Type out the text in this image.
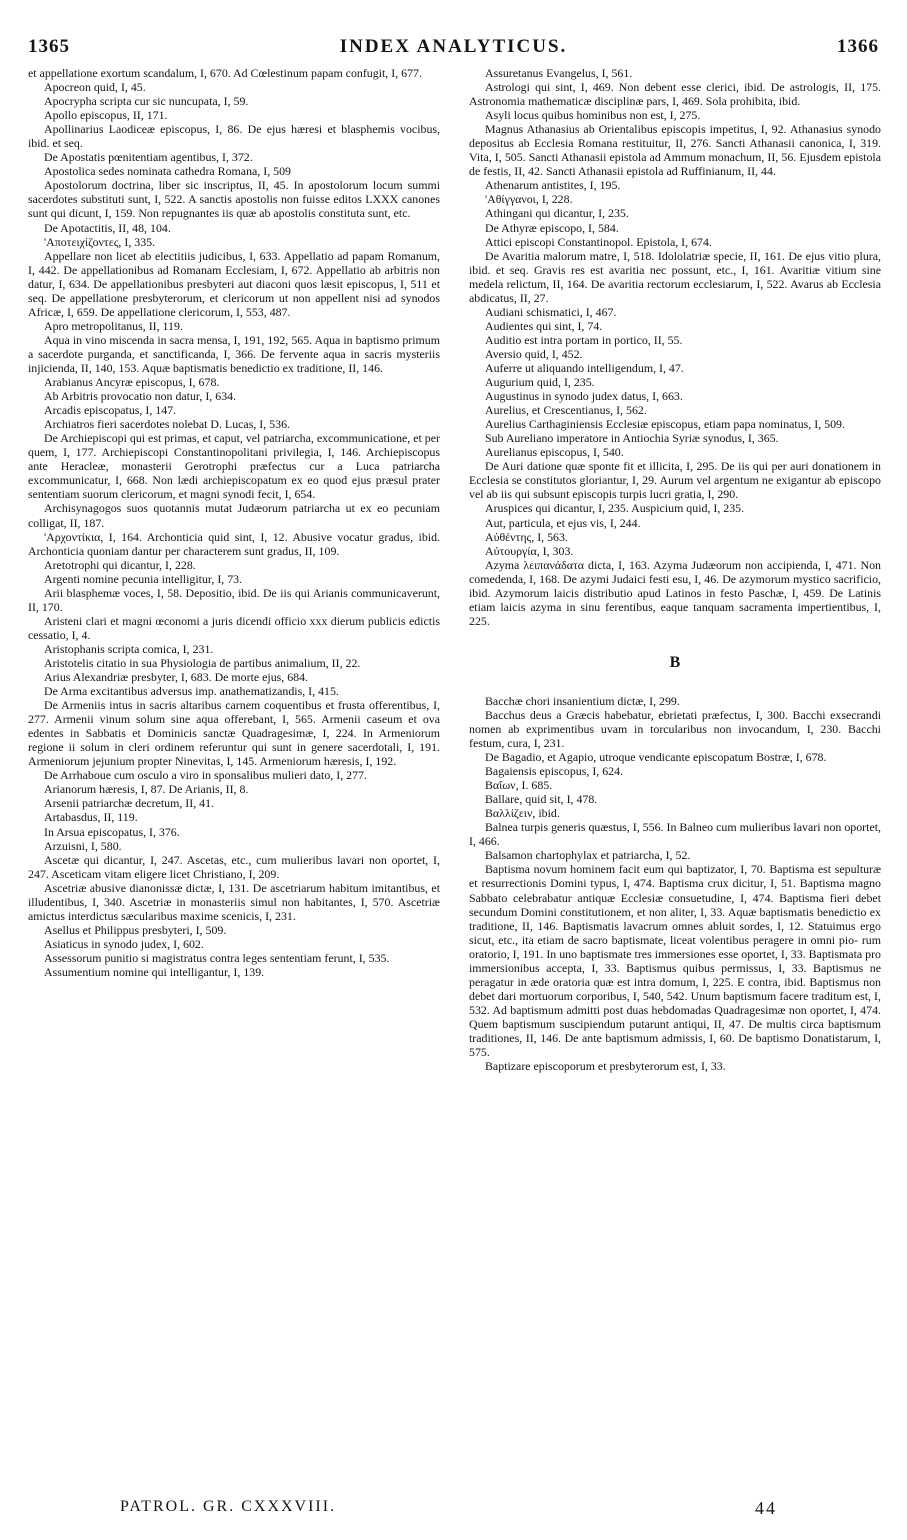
1365	INDEX ANALYTICUS.	1366

et appellatione exortum scandalum, I, 670. Ad Cœlestinum papam confugit, I, 677.

Apocreon quid, I, 45.

Apocrypha scripta cur sic nuncupata, I, 59.

Apollo episcopus, II, 171.

Apollinarius Laodiceæ episcopus, I, 86. De ejus hæresi et blasphemis vocibus, ibid. et seq.

De Apostatis pœnitentiam agentibus, I, 372.

Apostolica sedes nominata cathedra Romana, I, 509

Apostolorum doctrina, liber sic inscriptus, II, 45. In apostolorum locum summi sacerdotes substituti sunt, I, 522. A sanctis apostolis non fuisse editos LXXX canones sunt qui dicunt, I, 159. Non repugnantes iis quæ ab apostolis constituta sunt, etc.

De Apotactitis, II, 48, 104.

'Αποτειχίζοντες, I, 335.

Appellare non licet ab electitiis judicibus, I, 633. Appellatio ad papam Romanum, I, 442. De appellationibus ad Romanam Ecclesiam, I, 672. Appellatio ab arbitris non datur, I, 634. De appellationibus presbyteri aut diaconi quos læsit episcopus, I, 511 et seq. De appellatione presbyterorum, et clericorum ut non appellent nisi ad synodos Africæ, I, 659. De appellatione clericorum, I, 553, 487.

Apro metropolitanus, II, 119.

Aqua in vino miscenda in sacra mensa, I, 191, 192, 565. Aqua in baptismo primum a sacerdote purganda, et sanctificanda, I, 366. De fervente aqua in sacris mysteriis injicienda, II, 140, 153. Aquæ baptismatis benedictio ex traditione, II, 146.

Arabianus Ancyræ episcopus, I, 678.

Ab Arbitris provocatio non datur, I, 634.

Arcadis episcopatus, I, 147.

Archiatros fieri sacerdotes nolebat D. Lucas, I, 536.

De Archiepiscopi qui est primas, et caput, vel patriarcha, excommunicatione, et per quem, I, 177. Archiepiscopi Constantinopolitani privilegia, I, 146. Archiepiscopus ante Heracleæ, monasterii Gerotrophi præfectus cur a Luca patriarcha excommunicatur, I, 668. Non lædi archiepiscopatum ex eo quod ejus præsul prater sententiam suorum clericorum, et magni synodi fecit, I, 654.

Archisynagogos suos quotannis mutat Judæorum patriarcha ut ex eo pecuniam colligat, II, 187.

'Αρχοντίκια, I, 164. Archonticia quid sint, I, 12. Abusive vocatur gradus, ibid. Archonticia quoniam dantur per characterem sunt gradus, II, 109.

Aretotrophi qui dicantur, I, 228.

Argenti nomine pecunia intelligitur, I, 73.

Arii blasphemæ voces, I, 58. Depositio, ibid. De iis qui Arianis communicaverunt, II, 170.

Aristeni clari et magni œconomi a juris dicendi officio xxx dierum publicis edictis cessatio, I, 4.

Aristophanis scripta comica, I, 231.

Aristotelis citatio in sua Physiologia de partibus animalium, II, 22.

Arius Alexandriæ presbyter, I, 683. De morte ejus, 684.

De Arma excitantibus adversus imp. anathematizandis, I, 415.

De Armeniis intus in sacris altaribus carnem coquentibus et frusta offerentibus, I, 277. Armenii vinum solum sine aqua offerebant, I, 565. Armenii caseum et ova edentes in Sabbatis et Dominicis sanctæ Quadragesimæ, I, 224. In Armeniorum regione ii solum in cleri ordinem referuntur qui sunt in genere sacerdotali, I, 191. Armeniorum jejunium propter Ninevitas, I, 145. Armeniorum hæresis, I, 192.

De Arrhaboue cum osculo a viro in sponsalibus mulieri dato, I, 277.

Arianorum hæresis, I, 87. De Arianis, II, 8.

Arsenii patriarchæ decretum, II, 41.

Artabasdus, II, 119.

In Arsua episcopatus, I, 376.

Arzuisni, I, 580.

Ascetæ qui dicantur, I, 247. Ascetas, etc., cum mulieribus lavari non oportet, I, 247. Asceticam vitam eligere licet Christiano, I, 209.

Ascetriæ abusive dianonissæ dictæ, I, 131. De ascetriarum habitum imitantibus, et illudentibus, I, 340. Ascetriæ in monasteriis simul non habitantes, I, 570. Ascetriæ amictus interdictus sæcularibus maxime scenicis, I, 231.

Asellus et Philippus presbyteri, I, 509.

Asiaticus in synodo judex, I, 602.

Assessorum punitio si magistratus contra leges sententiam ferunt, I, 535.

Assumentium nomine qui intelligantur, I, 139.

Assuretanus Evangelus, I, 561.

Astrologi qui sint, I, 469. Non debent esse clerici, ibid. De astrologis, II, 175. Astronomia mathematicæ disciplinæ pars, I, 469. Sola prohibita, ibid.

Asyli locus quibus hominibus non est, I, 275.

Magnus Athanasius ab Orientalibus episcopis impetitus, I, 92. Athanasius synodo depositus ab Ecclesia Romana restituitur, II, 276. Sancti Athanasii canonica, I, 319. Vita, I, 505. Sancti Athanasii epistola ad Ammum monachum, II, 56. Ejusdem epistola de festis, II, 42. Sancti Athanasii epistola ad Ruffinianum, II, 44.

Athenarum antistites, I, 195.

'Αθίγγανοι, I, 228.

Athingani qui dicantur, I, 235.

De Athyræ episcopo, I, 584.

Attici episcopi Constantinopol. Epistola, I, 674.

De Avaritia malorum matre, I, 518. Idololatriæ specie, II, 161. De ejus vitio plura, ibid. et seq. Gravis res est avaritia nec possunt, etc., I, 161. Avaritiæ vitium sine medela relictum, II, 164. De avaritia rectorum ecclesiarum, I, 522. Avarus ab Ecclesia abdicatus, II, 27.

Audiani schismatici, I, 467.

Audientes qui sint, I, 74.

Auditio est intra portam in portico, II, 55.

Aversio quid, I, 452.

Auferre ut aliquando intelligendum, I, 47.

Augurium quid, I, 235.

Augustinus in synodo judex datus, I, 663.

Aurelius, et Crescentianus, I, 562.

Aurelius Carthaginiensis Ecclesiæ episcopus, etiam papa nominatus, I, 509.

Sub Aureliano imperatore in Antiochia Syriæ synodus, I, 365.

Aurelianus episcopus, I, 540.

De Auri datione quæ sponte fit et illicita, I, 295. De iis qui per auri donationem in Ecclesia se constitutos gloriantur, I, 29. Aurum vel argentum ne exigantur ab episcopo vel ab iis qui subsunt episcopis turpis lucri gratia, I, 290.

Aruspices qui dicantur, I, 235. Auspicium quid, I, 235.

Aut, particula, et ejus vis, I, 244.

Αὐθέντης, I, 563.

Αὐτουργία, I, 303.

Azyma λειπανάδατα dicta, I, 163. Azyma Judæorum non accipienda, I, 471. Non comedenda, I, 168. De azymi Judaici festi esu, I, 46. De azymorum mystico sacrificio, ibid. Azymorum laicis distributio apud Latinos in festo Paschæ, I, 459. De Latinis etiam laicis azyma in sinu ferentibus, eaque tanquam sacramenta impertientibus, I, 225.

B

Bacchæ chori insanientium dictæ, I, 299.

Bacchus deus a Græcis habebatur, ebrietati præfectus, I, 300. Bacchi exsecrandi nomen ab exprimentibus uvam in torcularibus non invocandum, I, 230. Bacchi festum, cura, I, 231.

De Bagadio, et Agapio, utroque vendicante episcopatum Bostræ, I, 678.

Bagaiensis episcopus, I, 624.

Βαΐων, I. 685.

Ballare, quid sit, I, 478.

Βαλλίζειν, ibid.

Balnea turpis generis quæstus, I, 556. In Balneo cum mulieribus lavari non oportet, I, 466.

Balsamon chartophylax et patriarcha, I, 52.

Baptisma novum hominem facit eum qui baptizator, I, 70. Baptisma est sepulturæ et resurrectionis Domini typus, I, 474. Baptisma crux dicitur, I, 51. Baptisma magno Sabbato celebrabatur antiquæ Ecclesiæ consuetudine, I, 474. Baptisma fieri debet secundum Domini constitutionem, et non aliter, I, 33. Aquæ baptismatis benedictio ex traditione, II, 146. Baptismatis lavacrum omnes abluit sordes, I, 12. Statuimus ergo sicut, etc., ita etiam de sacro baptismate, liceat volentibus peragere in omni pio- rum oratorio, I, 191. In uno baptismate tres immersiones esse oportet, I, 33. Baptismata pro immersionibus accepta, I, 33. Baptismus quibus permissus, I, 33. Baptismus ne peragatur in æde oratoria quæ est intra domum, I, 225. E contra, ibid. Baptismus non debet dari mortuorum corporibus, I, 540, 542. Unum baptismum facere traditum est, I, 532. Ad baptismum admitti post duas hebdomadas Quadragesimæ non oportet, I, 474. Quem baptismum suscipiendum putarunt antiqui, II, 47. De multis circa baptismum traditiones, II, 146. De ante baptismum admissis, I, 60. De baptismo Donatistarum, I, 575.

Baptizare episcoporum et presbyterorum est, I, 33.

PATROL. GR. CXXXVIII.	44
